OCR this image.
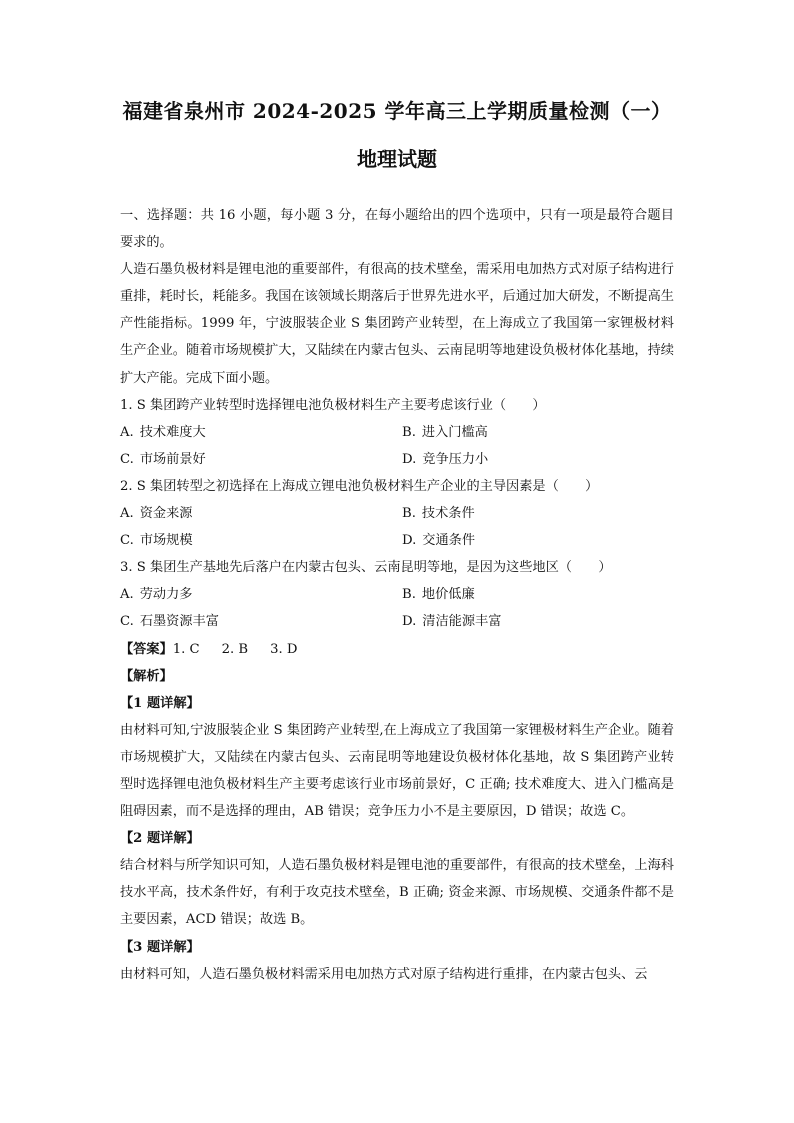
福建省泉州市 2024-2025 学年高三上学期质量检测（一）
地理试题

一、选择题：共 16 小题，每小题 3 分，在每小题给出的四个选项中，只有一项是最符合题目要求的。

人造石墨负极材料是锂电池的重要部件，有很高的技术壁垒，需采用电加热方式对原子结构进行重排，耗时长，耗能多。我国在该领域长期落后于世界先进水平，后通过加大研发，不断提高生产性能指标。1999 年，宁波服装企业 S 集团跨产业转型，在上海成立了我国第一家锂极材料生产企业。随着市场规模扩大，又陆续在内蒙古包头、云南昆明等地建设负极材体化基地，持续扩大产能。完成下面小题。

1. S 集团跨产业转型时选择锂电池负极材料生产主要考虑该行业（　　）

A. 技术难度大	B. 进入门槛高
C. 市场前景好	D. 竞争压力小

2. S 集团转型之初选择在上海成立锂电池负极材料生产企业的主导因素是（　　）

A. 资金来源	B. 技术条件
C. 市场规模	D. 交通条件

3. S 集团生产基地先后落户在内蒙古包头、云南昆明等地，是因为这些地区（　　）

A. 劳动力多	B. 地价低廉
C. 石墨资源丰富	D. 清洁能源丰富

【答案】1. C 2. B 3. D

【解析】

【1 题详解】

由材料可知,宁波服装企业 S 集团跨产业转型,在上海成立了我国第一家锂极材料生产企业。随着市场规模扩大，又陆续在内蒙古包头、云南昆明等地建设负极材体化基地，故 S 集团跨产业转型时选择锂电池负极材料生产主要考虑该行业市场前景好，C 正确; 技术难度大、进入门槛高是阻碍因素，而不是选择的理由，AB 错误；竞争压力小不是主要原因，D 错误；故选 C。

【2 题详解】

结合材料与所学知识可知，人造石墨负极材料是锂电池的重要部件，有很高的技术壁垒，上海科技水平高，技术条件好，有利于攻克技术壁垒，B 正确; 资金来源、市场规模、交通条件都不是主要因素，ACD 错误；故选 B。

【3 题详解】

由材料可知，人造石墨负极材料需采用电加热方式对原子结构进行重排，在内蒙古包头、云
